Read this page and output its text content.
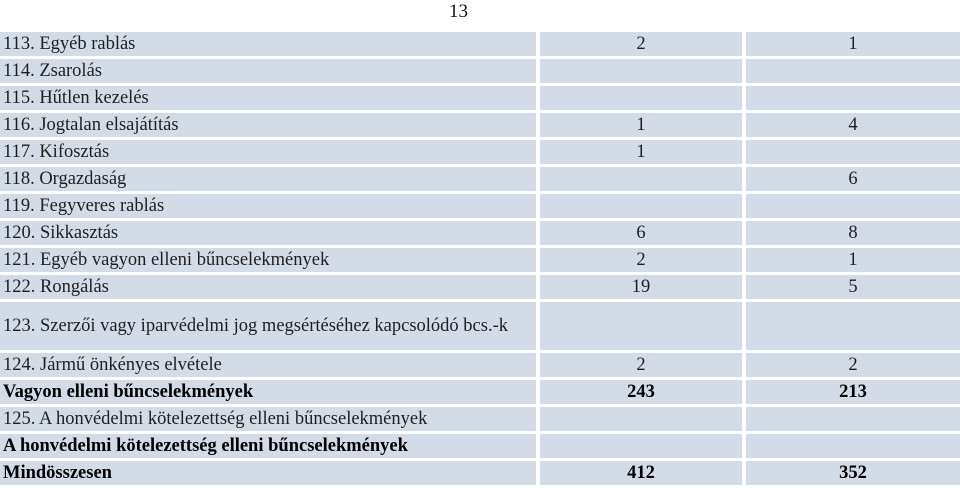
13
113. Egyéb rablás	2	1
114. Zsarolás		
115. Hűtlen kezelés		
116. Jogtalan elsajátítás	1	4
117. Kifosztás	1	
118. Orgazdaság		6
119. Fegyveres rablás		
120. Sikkasztás	6	8
121. Egyéb vagyon elleni bűncselekmények	2	1
122. Rongálás	19	5
123. Szerzői vagy iparvédelmi jog megsértéséhez kapcsolódó bcs.-k		
124. Jármű önkényes elvétele	2	2
Vagyon elleni bűncselekmények	243	213
125. A honvédelmi kötelezettség elleni bűncselekmények		
A honvédelmi kötelezettség elleni bűncselekmények		
Mindösszesen	412	352
